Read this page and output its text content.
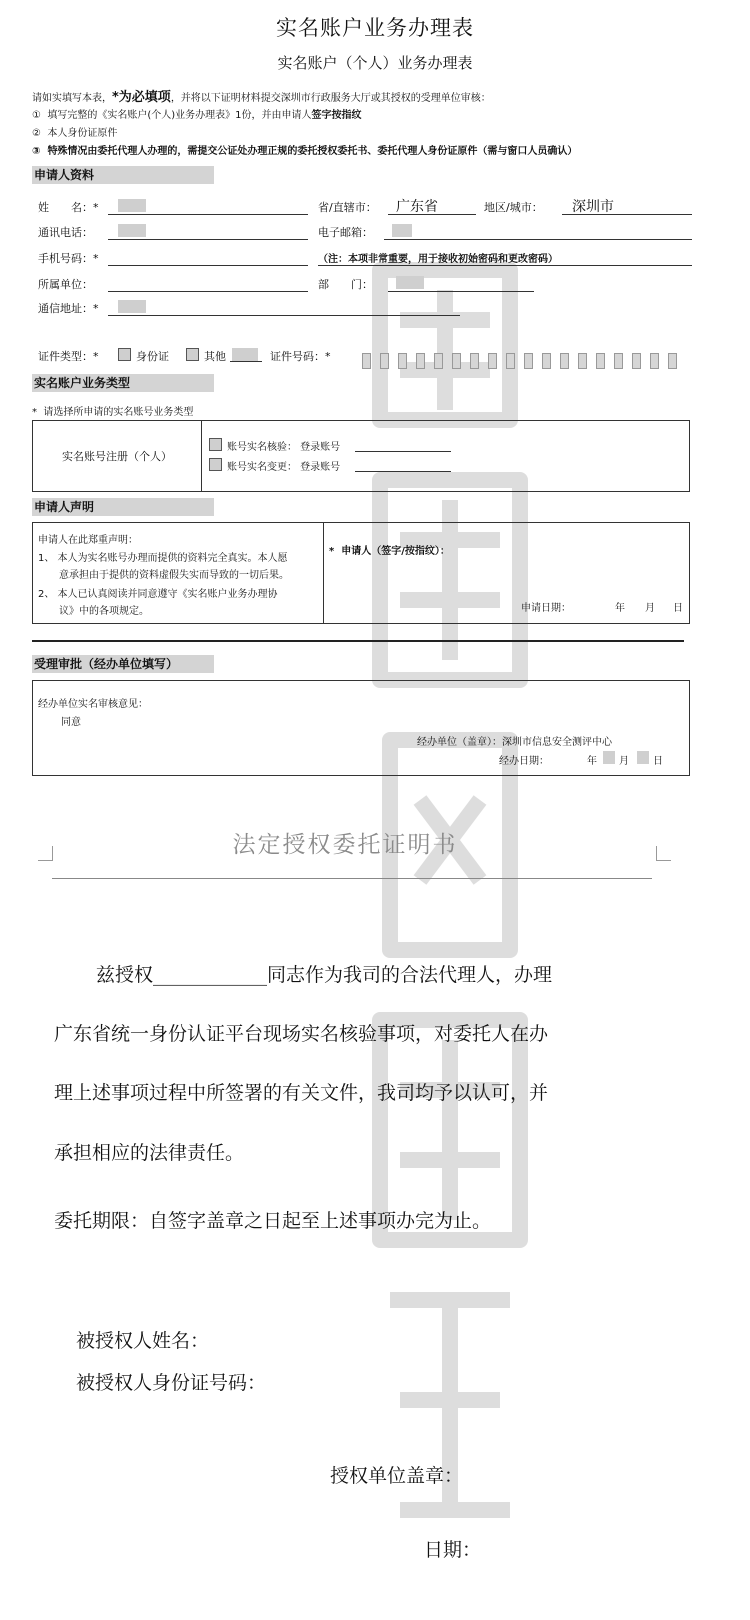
实名账户业务办理表
实名账户（个人）业务办理表
请如实填写本表，*为必填项，并将以下证明材料提交深圳市行政服务大厅或其授权的受理单位审核：
① 填写完整的《实名账户(个人)业务办理表》1份，并由申请人签字按指纹
② 本人身份证原件
③ 特殊情况由委托代理人办理的，需提交公证处办理正规的委托授权委托书、委托代理人身份证原件（需与窗口人员确认）
申请人资料
姓　　名：*	省/直辖市： 广东省	地区/城市： 深圳市
通讯电话：	电子邮箱：
手机号码：*	（注：本项非常重要，用于接收初始密码和更改密码）
所属单位：	部　　门：
通信地址：*
证件类型：*	身份证	其他	证件号码：*
实名账户业务类型
* 请选择所申请的实名账号业务类型
实名账号注册（个人）
账号实名核验： 登录账号
账号实名变更： 登录账号
申请人声明
申请人在此郑重声明：
1、 本人为实名账号办理而提供的资料完全真实。本人愿
意承担由于提供的资料虚假失实而导致的一切后果。
2、 本人已认真阅读并同意遵守《实名账户业务办理协
议》中的各项规定。
* 申请人（签字/按指纹）：
申请日期：	年 月 日
受理审批（经办单位填写）
经办单位实名审核意见：
同意
经办单位（盖章）：深圳市信息安全测评中心
经办日期：	年 月 日
法定授权委托证明书
兹授权____________同志作为我司的合法代理人，办理
广东省统一身份认证平台现场实名核验事项，对委托人在办
理上述事项过程中所签署的有关文件，我司均予以认可，并
承担相应的法律责任。
委托期限：自签字盖章之日起至上述事项办完为止。
被授权人姓名：
被授权人身份证号码：
授权单位盖章：
日期：
